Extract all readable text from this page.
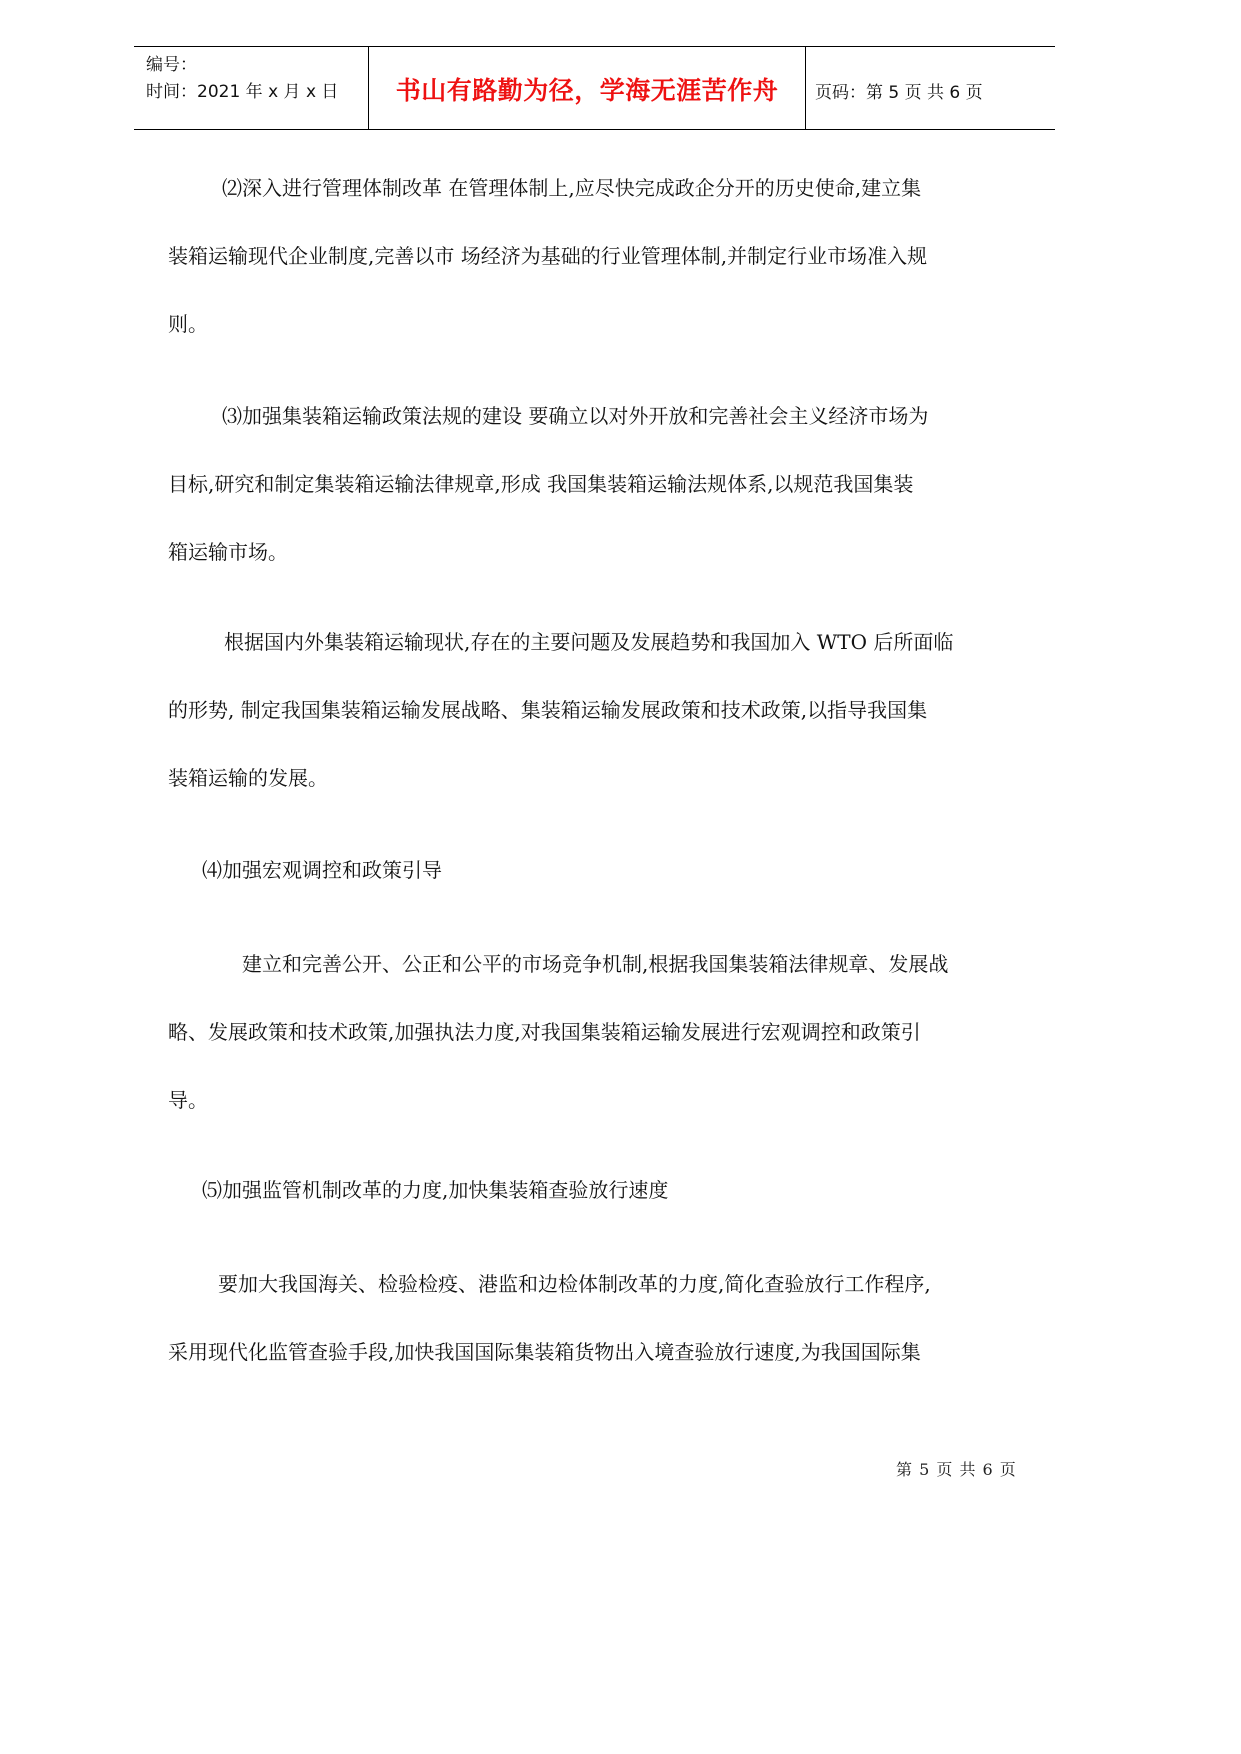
编号：
时间：2021 年 x 月 x 日	书山有路勤为径，学海无涯苦作舟	页码：第 5 页 共 6 页
⑵深入进行管理体制改革 在管理体制上,应尽快完成政企分开的历史使命,建立集
装箱运输现代企业制度,完善以市 场经济为基础的行业管理体制,并制定行业市场准入规
则。
⑶加强集装箱运输政策法规的建设 要确立以对外开放和完善社会主义经济市场为
目标,研究和制定集装箱运输法律规章,形成 我国集装箱运输法规体系,以规范我国集装
箱运输市场。
根据国内外集装箱运输现状,存在的主要问题及发展趋势和我国加入 WTO 后所面临
的形势, 制定我国集装箱运输发展战略、集装箱运输发展政策和技术政策,以指导我国集
装箱运输的发展。
⑷加强宏观调控和政策引导
建立和完善公开、公正和公平的市场竞争机制,根据我国集装箱法律规章、发展战
略、发展政策和技术政策,加强执法力度,对我国集装箱运输发展进行宏观调控和政策引
导。
⑸加强监管机制改革的力度,加快集装箱查验放行速度
要加大我国海关、检验检疫、港监和边检体制改革的力度,简化查验放行工作程序,
采用现代化监管查验手段,加快我国国际集装箱货物出入境查验放行速度,为我国国际集
第 5 页 共 6 页
